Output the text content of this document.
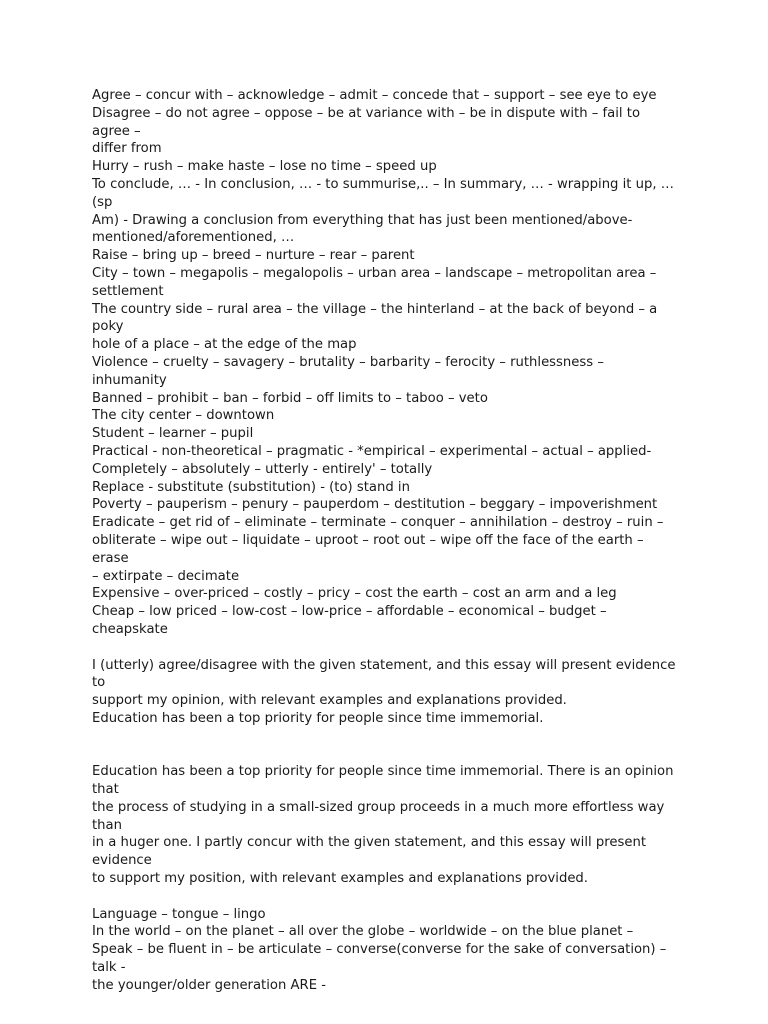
Agree – concur with – acknowledge – admit – concede that – support – see eye to eye
Disagree – do not agree – oppose – be at variance with – be in dispute with – fail to agree –
differ from
Hurry – rush – make haste – lose no time – speed up
To conclude, … - In conclusion, … - to summurise,.. – In summary, … - wrapping it up, …(sp
Am) - Drawing a conclusion from everything that has just been mentioned/above-
mentioned/aforementioned, …
Raise – bring up – breed – nurture – rear – parent
City – town – megapolis – megalopolis – urban area – landscape – metropolitan area –
settlement
The country side – rural area – the village – the hinterland – at the back of beyond – a poky
hole of a place – at the edge of the map
Violence – cruelty – savagery – brutality – barbarity – ferocity – ruthlessness – inhumanity
Banned – prohibit – ban – forbid – off limits to – taboo – veto
The city center – downtown
Student – learner – pupil
Practical - non-theoretical – pragmatic - *empirical – experimental – actual – applied-
Completely – absolutely – utterly - entirely' – totally
Replace - substitute (substitution) - (to) stand in
Poverty – pauperism – penury – pauperdom – destitution – beggary – impoverishment
Eradicate – get rid of – eliminate – terminate – conquer – annihilation – destroy – ruin –
obliterate – wipe out – liquidate – uproot – root out – wipe off the face of the earth – erase
– extirpate – decimate
Expensive – over-priced – costly – pricy – cost the earth – cost an arm and a leg
Cheap – low priced – low-cost – low-price – affordable – economical – budget – cheapskate
I (utterly) agree/disagree with the given statement, and this essay will present evidence to
support my opinion, with relevant examples and explanations provided.
Education has been a top priority for people since time immemorial.
Education has been a top priority for people since time immemorial. There is an opinion that
the process of studying in a small-sized group proceeds in a much more effortless way than
in a huger one. I partly concur with the given statement, and this essay will present evidence
to support my position, with relevant examples and explanations provided.
Language – tongue – lingo
In the world – on the planet – all over the globe – worldwide – on the blue planet –
Speak – be fluent in – be articulate – converse(converse for the sake of conversation) – talk -
the younger/older generation ARE -
